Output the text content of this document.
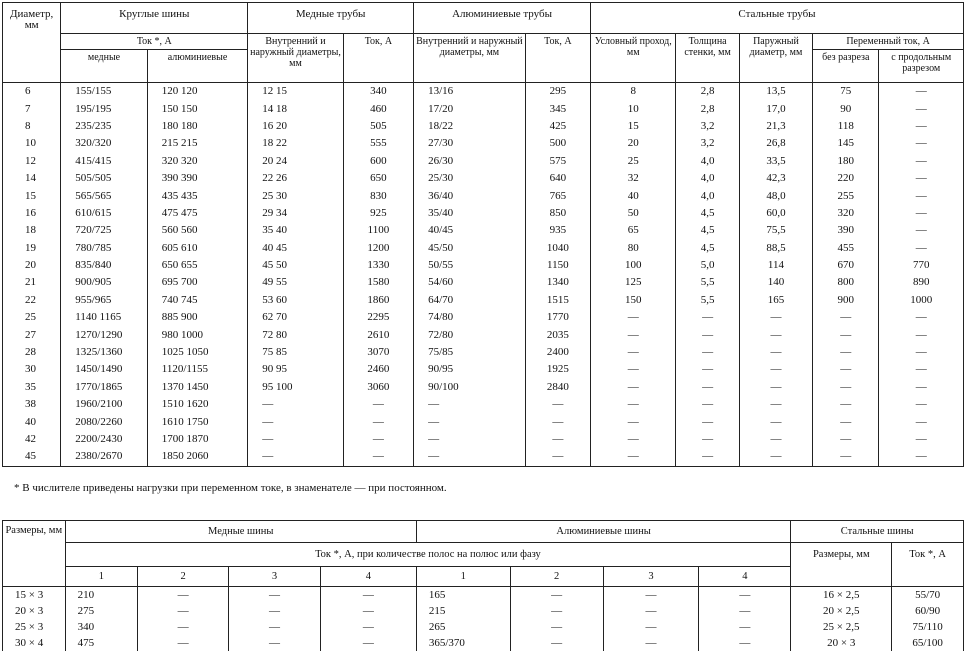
Диаметр, мм	Круглые шины		Медные трубы		Алюминиевые трубы		Стальные трубы				
	Ток *, А		Внутренний и наружный диаметры, мм	Ток, А	Внутренний и наружный диаметры, мм	Ток, А	Условный проход, мм	Толщина стенки, мм	Паружный диаметр, мм	Переменный ток, А	
	медные	алюминиевые								без разреза	с продольным разрезом
6	155/155	120 120	12 15	340	13/16	295	8	2,8	13,5	75	—
7	195/195	150 150	14 18	460	17/20	345	10	2,8	17,0	90	—
8	235/235	180 180	16 20	505	18/22	425	15	3,2	21,3	118	—
10	320/320	215 215	18 22	555	27/30	500	20	3,2	26,8	145	—
12	415/415	320 320	20 24	600	26/30	575	25	4,0	33,5	180	—
14	505/505	390 390	22 26	650	25/30	640	32	4,0	42,3	220	—
15	565/565	435 435	25 30	830	36/40	765	40	4,0	48,0	255	—
16	610/615	475 475	29 34	925	35/40	850	50	4,5	60,0	320	—
18	720/725	560 560	35 40	1100	40/45	935	65	4,5	75,5	390	—
19	780/785	605 610	40 45	1200	45/50	1040	80	4,5	88,5	455	—
20	835/840	650 655	45 50	1330	50/55	1150	100	5,0	114	670	770
21	900/905	695 700	49 55	1580	54/60	1340	125	5,5	140	800	890
22	955/965	740 745	53 60	1860	64/70	1515	150	5,5	165	900	1000
25	1140 1165	885 900	62 70	2295	74/80	1770	—	—	—	—	—
27	1270/1290	980 1000	72 80	2610	72/80	2035	—	—	—	—	—
28	1325/1360	1025 1050	75 85	3070	75/85	2400	—	—	—	—	—
30	1450/1490	1120/1155	90 95	2460	90/95	1925	—	—	—	—	—
35	1770/1865	1370 1450	95 100	3060	90/100	2840	—	—	—	—	—
38	1960/2100	1510 1620	—	—	—	—	—	—	—	—	—
40	2080/2260	1610 1750	—	—	—	—	—	—	—	—	—
42	2200/2430	1700 1870	—	—	—	—	—	—	—	—	—
45	2380/2670	1850 2060	—	—	—	—	—	—	—	—	—
* В числителе приведены нагрузки при переменном токе, в знаменателе — при постоянном.
Размеры, мм	Медные шины				Алюминиевые шины				Стальные шины	
	Ток *, А, при количестве полос на полюс или фазу								Размеры, мм	Ток *, А
	1	2	3	4	1	2	3	4		
15 × 3	210	—	—	—	165	—	—	—	16 × 2,5	55/70
20 × 3	275	—	—	—	215	—	—	—	20 × 2,5	60/90
25 × 3	340	—	—	—	265	—	—	—	25 × 2,5	75/110
30 × 4	475	—	—	—	365/370	—	—	—	20 × 3	65/100
